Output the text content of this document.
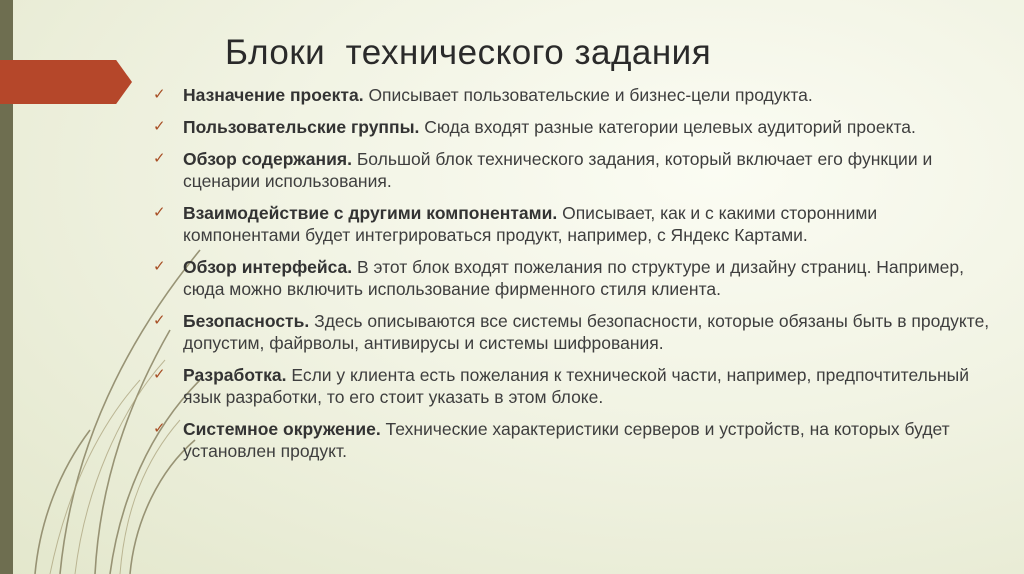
Блоки  технического задания
✓ Назначение проекта. Описывает пользовательские и бизнес-цели продукта.
✓ Пользовательские группы. Сюда входят разные категории целевых аудиторий проекта.
✓ Обзор содержания. Большой блок технического задания, который включает его функции и сценарии использования.
✓ Взаимодействие с другими компонентами. Описывает, как и с какими сторонними компонентами будет интегрироваться продукт, например, с Яндекс Картами.
✓ Обзор интерфейса. В этот блок входят пожелания по структуре и дизайну страниц. Например, сюда можно включить использование фирменного стиля клиента.
✓ Безопасность. Здесь описываются все системы безопасности, которые обязаны быть в продукте, допустим, файрволы, антивирусы и системы шифрования.
✓ Разработка. Если у клиента есть пожелания к технической части, например, предпочтительный язык разработки, то его стоит указать в этом блоке.
✓ Системное окружение. Технические характеристики серверов и устройств, на которых будет установлен продукт.
